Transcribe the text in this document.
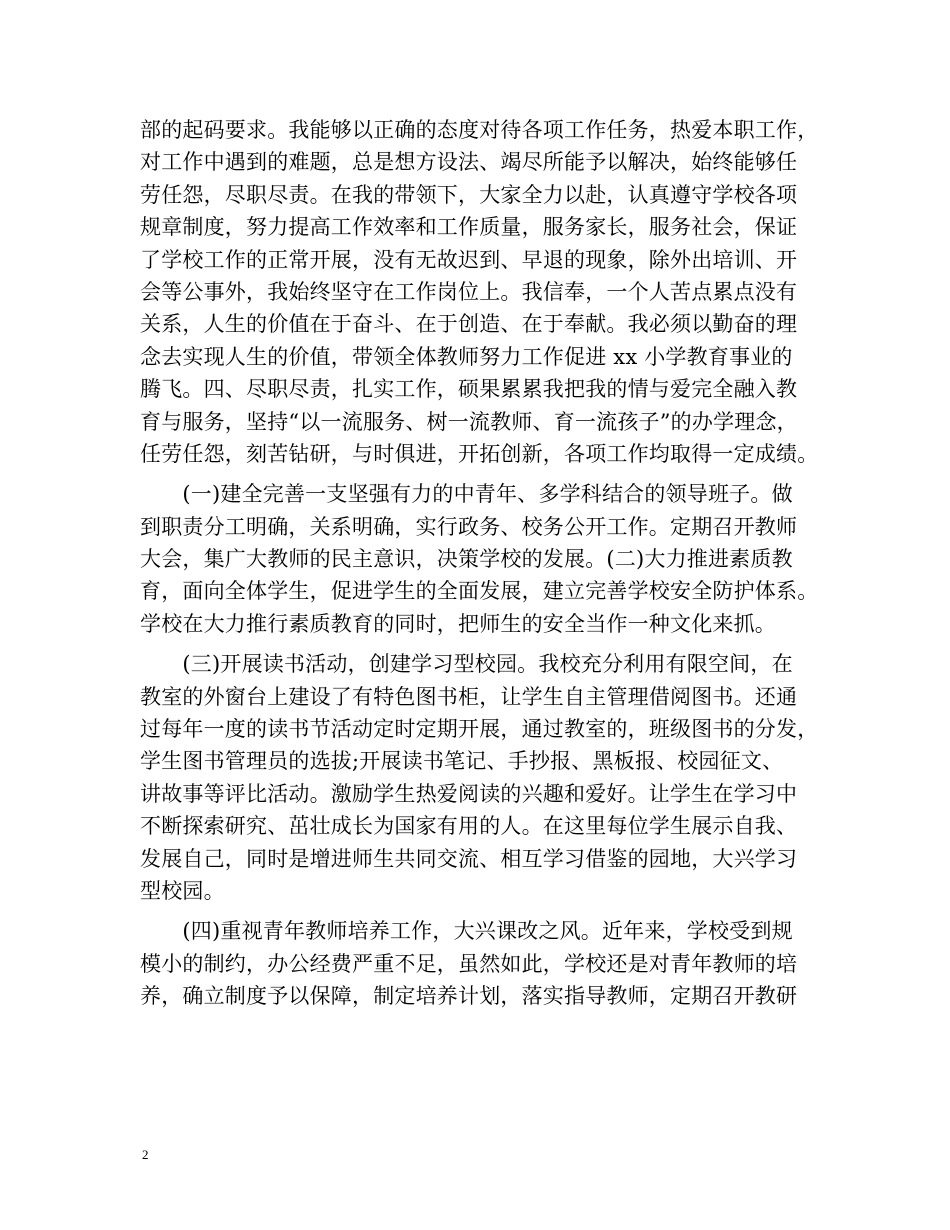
部的起码要求。我能够以正确的态度对待各项工作任务，热爱本职工作，
对工作中遇到的难题，总是想方设法、竭尽所能予以解决，始终能够任
劳任怨，尽职尽责。在我的带领下，大家全力以赴，认真遵守学校各项
规章制度，努力提高工作效率和工作质量，服务家长，服务社会，保证
了学校工作的正常开展，没有无故迟到、早退的现象，除外出培训、开
会等公事外，我始终坚守在工作岗位上。我信奉，一个人苦点累点没有
关系，人生的价值在于奋斗、在于创造、在于奉献。我必须以勤奋的理
念去实现人生的价值，带领全体教师努力工作促进 xx 小学教育事业的
腾飞。四、尽职尽责，扎实工作，硕果累累我把我的情与爱完全融入教
育与服务，坚持“以一流服务、树一流教师、育一流孩子”的办学理念，
任劳任怨，刻苦钻研，与时俱进，开拓创新，各项工作均取得一定成绩。
　　(一)建全完善一支坚强有力的中青年、多学科结合的领导班子。做
到职责分工明确，关系明确，实行政务、校务公开工作。定期召开教师
大会，集广大教师的民主意识，决策学校的发展。(二)大力推进素质教
育，面向全体学生，促进学生的全面发展，建立完善学校安全防护体系。
学校在大力推行素质教育的同时，把师生的安全当作一种文化来抓。
　　(三)开展读书活动，创建学习型校园。我校充分利用有限空间，在
教室的外窗台上建设了有特色图书柜，让学生自主管理借阅图书。还通
过每年一度的读书节活动定时定期开展，通过教室的，班级图书的分发，
学生图书管理员的选拔;开展读书笔记、手抄报、黑板报、校园征文、
讲故事等评比活动。激励学生热爱阅读的兴趣和爱好。让学生在学习中
不断探索研究、茁壮成长为国家有用的人。在这里每位学生展示自我、
发展自己，同时是增进师生共同交流、相互学习借鉴的园地，大兴学习
型校园。
　　(四)重视青年教师培养工作，大兴课改之风。近年来，学校受到规
模小的制约，办公经费严重不足，虽然如此，学校还是对青年教师的培
养，确立制度予以保障，制定培养计划，落实指导教师，定期召开教研
2
